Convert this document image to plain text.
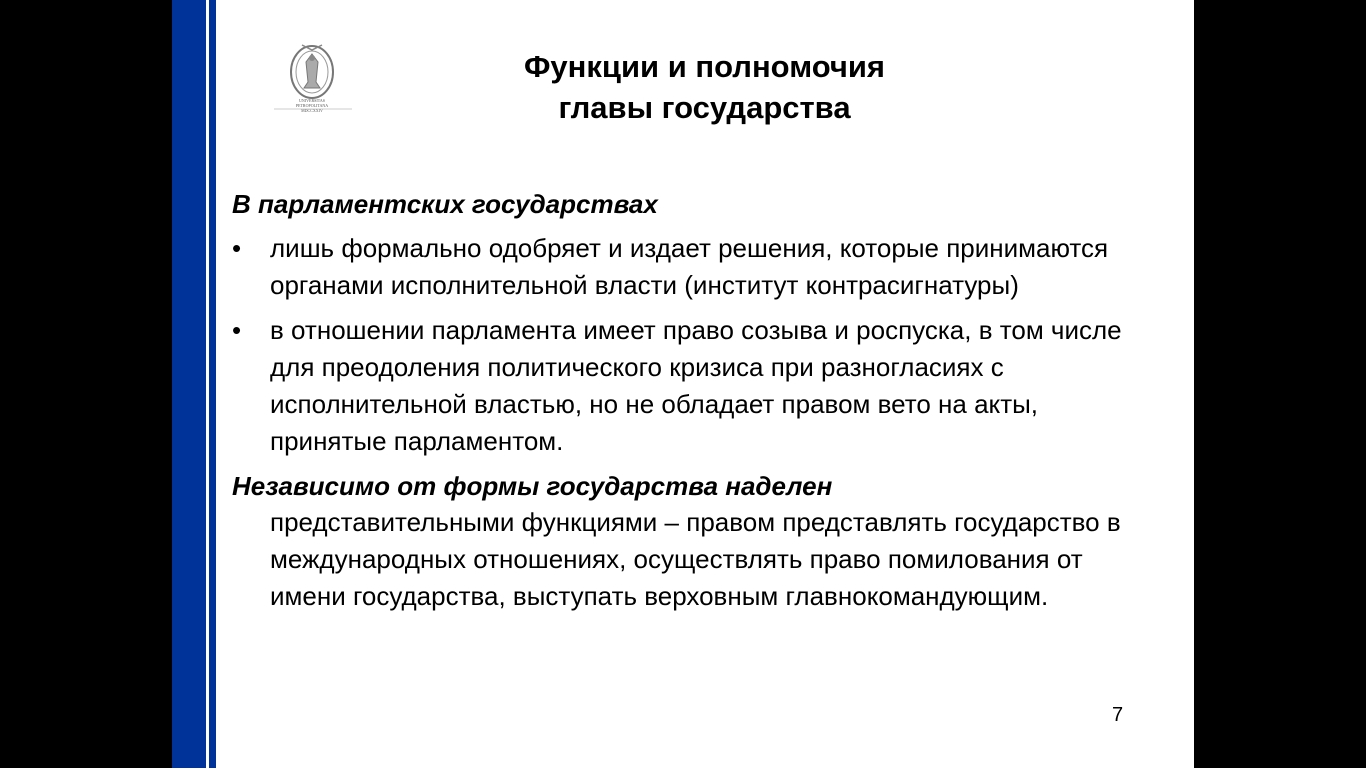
UNIVERSITAS
PETROPOLITANA
MDCCXXIV
Функции и полномочия
главы государства

В парламентских государствах

•	лишь формально одобряет и издает решения, которые принимаются органами исполнительной власти (институт контрасигнатуры)
•	в отношении парламента имеет право созыва и роспуска, в том числе для преодоления политического кризиса при разногласиях с исполнительной властью, но не обладает правом вето на акты, принятые парламентом.

Независимо от формы государства наделен

представительными функциями – правом представлять государство в международных отношениях, осуществлять право помилования от имени государства, выступать верховным главнокомандующим.
7
